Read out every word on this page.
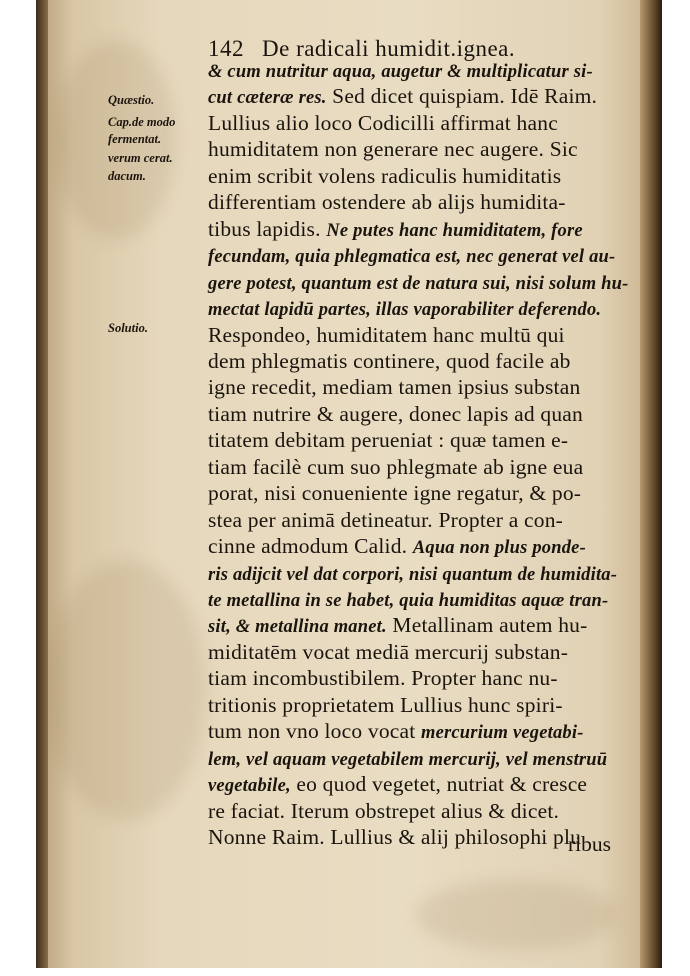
142 De radicali humidit.ignea.
Quæstio.
Cap.de modo fermentat.
verum cerat.
dacum.
Solutio.
& cum nutritur aqua, augetur & multiplicatur si-
cut cæteræ res. Sed dicet quispiam. Idē Raim.
Lullius alio loco Codicilli affirmat hanc
humiditatem non generare nec augere. Sic
enim scribit volens radiculis humiditatis
differentiam ostendere ab alijs humidita-
tibus lapidis. Ne putes hanc humiditatem, fore
fecundam, quia phlegmatica est, nec generat vel au-
gere potest, quantum est de natura sui, nisi solum hu-
mectat lapidū partes, illas vaporabiliter deferendo.
Respondeo, humiditatem hanc multū qui
dem phlegmatis continere, quod facile ab
igne recedit, mediam tamen ipsius substan
tiam nutrire & augere, donec lapis ad quan
titatem debitam perueniat : quæ tamen e-
tiam facilè cum suo phlegmate ab igne eua
porat, nisi conueniente igne regatur, & po-
stea per animā detineatur. Propter a con-
cinne admodum Calid. Aqua non plus ponde-
ris adijcit vel dat corpori, nisi quantum de humidita-
te metallina in se habet, quia humiditas aquæ tran-
sit, & metallina manet. Metallinam autem hu-
miditatēm vocat mediā mercurij substan-
tiam incombustibilem. Propter hanc nu-
tritionis proprietatem Lullius hunc spiri-
tum non vno loco vocat mercurium vegetabi-
lem, vel aquam vegetabilem mercurij, vel menstruū
vegetabile, eo quod vegetet, nutriat & cresce
re faciat. Iterum obstrepet alius & dicet.
Nonne Raim. Lullius & alij philosophi plu
ribus
